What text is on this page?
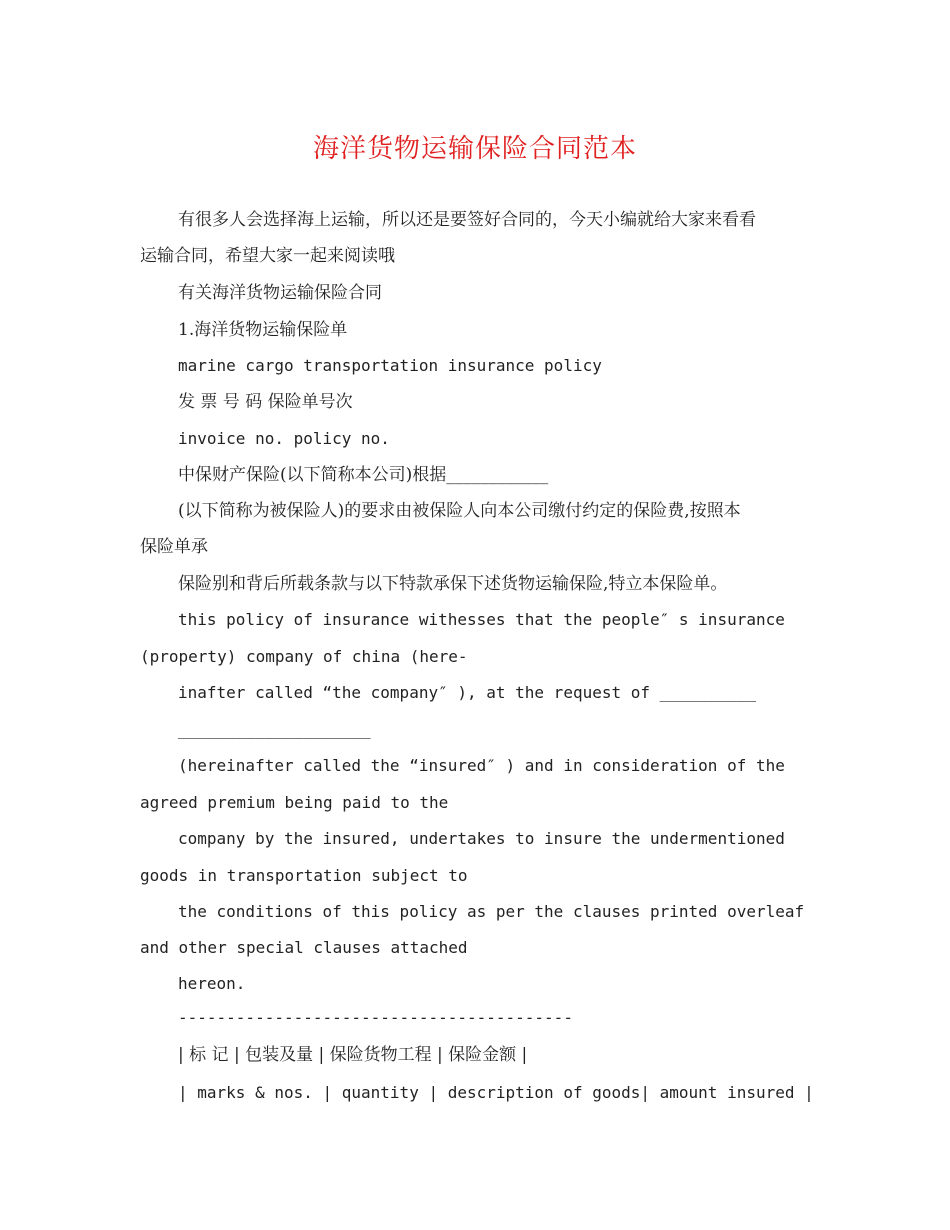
海洋货物运输保险合同范本
有很多人会选择海上运输，所以还是要签好合同的，今天小编就给大家来看看
运输合同，希望大家一起来阅读哦
有关海洋货物运输保险合同
1.海洋货物运输保险单
marine cargo transportation insurance policy
发 票 号 码 保险单号次
invoice no. policy no.
中保财产保险(以下简称本公司)根据____________
(以下简称为被保险人)的要求由被保险人向本公司缴付约定的保险费,按照本
保险单承
保险别和背后所载条款与以下特款承保下述货物运输保险,特立本保险单。
this policy of insurance withesses that the people″ s insurance
(property) company of china (here-
inafter called “the company″ ), at the request of __________
____________________
(hereinafter called the “insured″ ) and in consideration of the
agreed premium being paid to the
company by the insured, undertakes to insure the undermentioned
goods in transportation subject to
the conditions of this policy as per the clauses printed overleaf
and other special clauses attached
hereon.
-----------------------------------------
| 标 记 | 包装及量 | 保险货物工程 | 保险金额 |
| marks & nos. | quantity | description of goods| amount insured |
